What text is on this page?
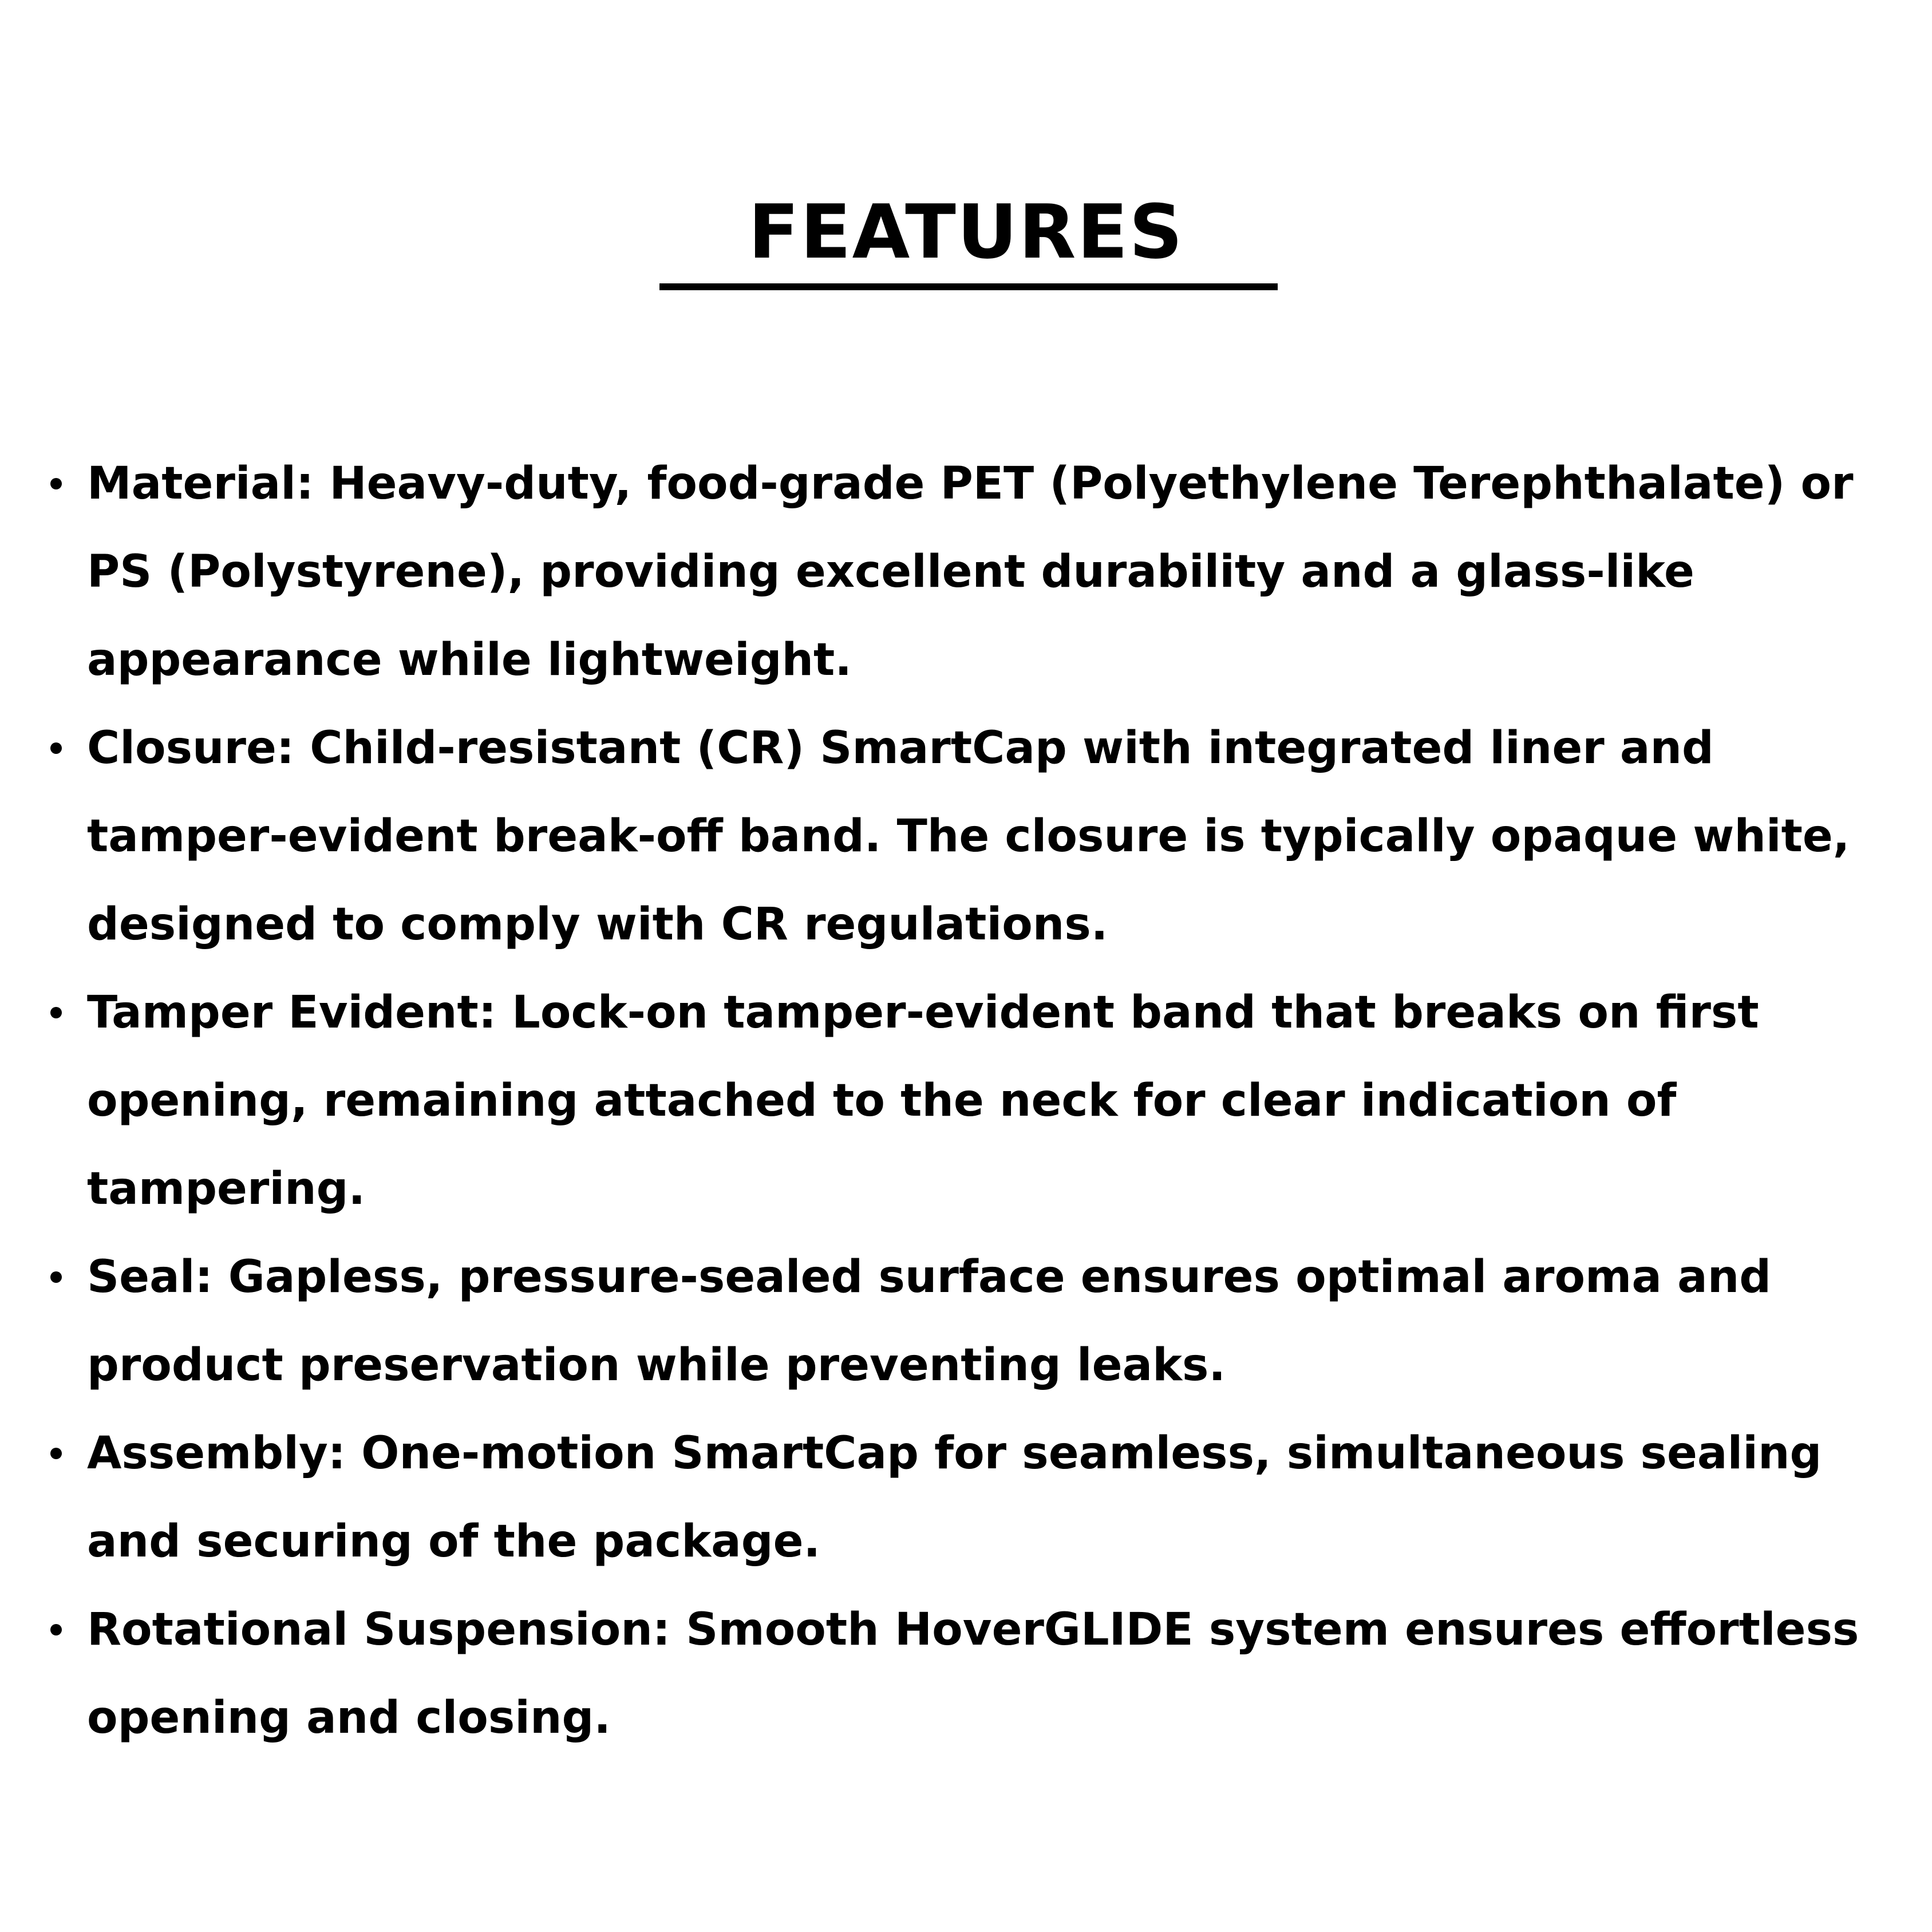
FEATURES
Material: Heavy-duty, food-grade PET (Polyethylene Terephthalate) or
PS (Polystyrene), providing excellent durability and a glass-like
appearance while lightweight.
Closure: Child-resistant (CR) SmartCap with integrated liner and
tamper-evident break-off band. The closure is typically opaque white,
designed to comply with CR regulations.
Tamper Evident: Lock-on tamper-evident band that breaks on first
opening, remaining attached to the neck for clear indication of
tampering.
Seal: Gapless, pressure-sealed surface ensures optimal aroma and
product preservation while preventing leaks.
Assembly: One-motion SmartCap for seamless, simultaneous sealing
and securing of the package.
Rotational Suspension: Smooth HoverGLIDE system ensures effortless
opening and closing.
